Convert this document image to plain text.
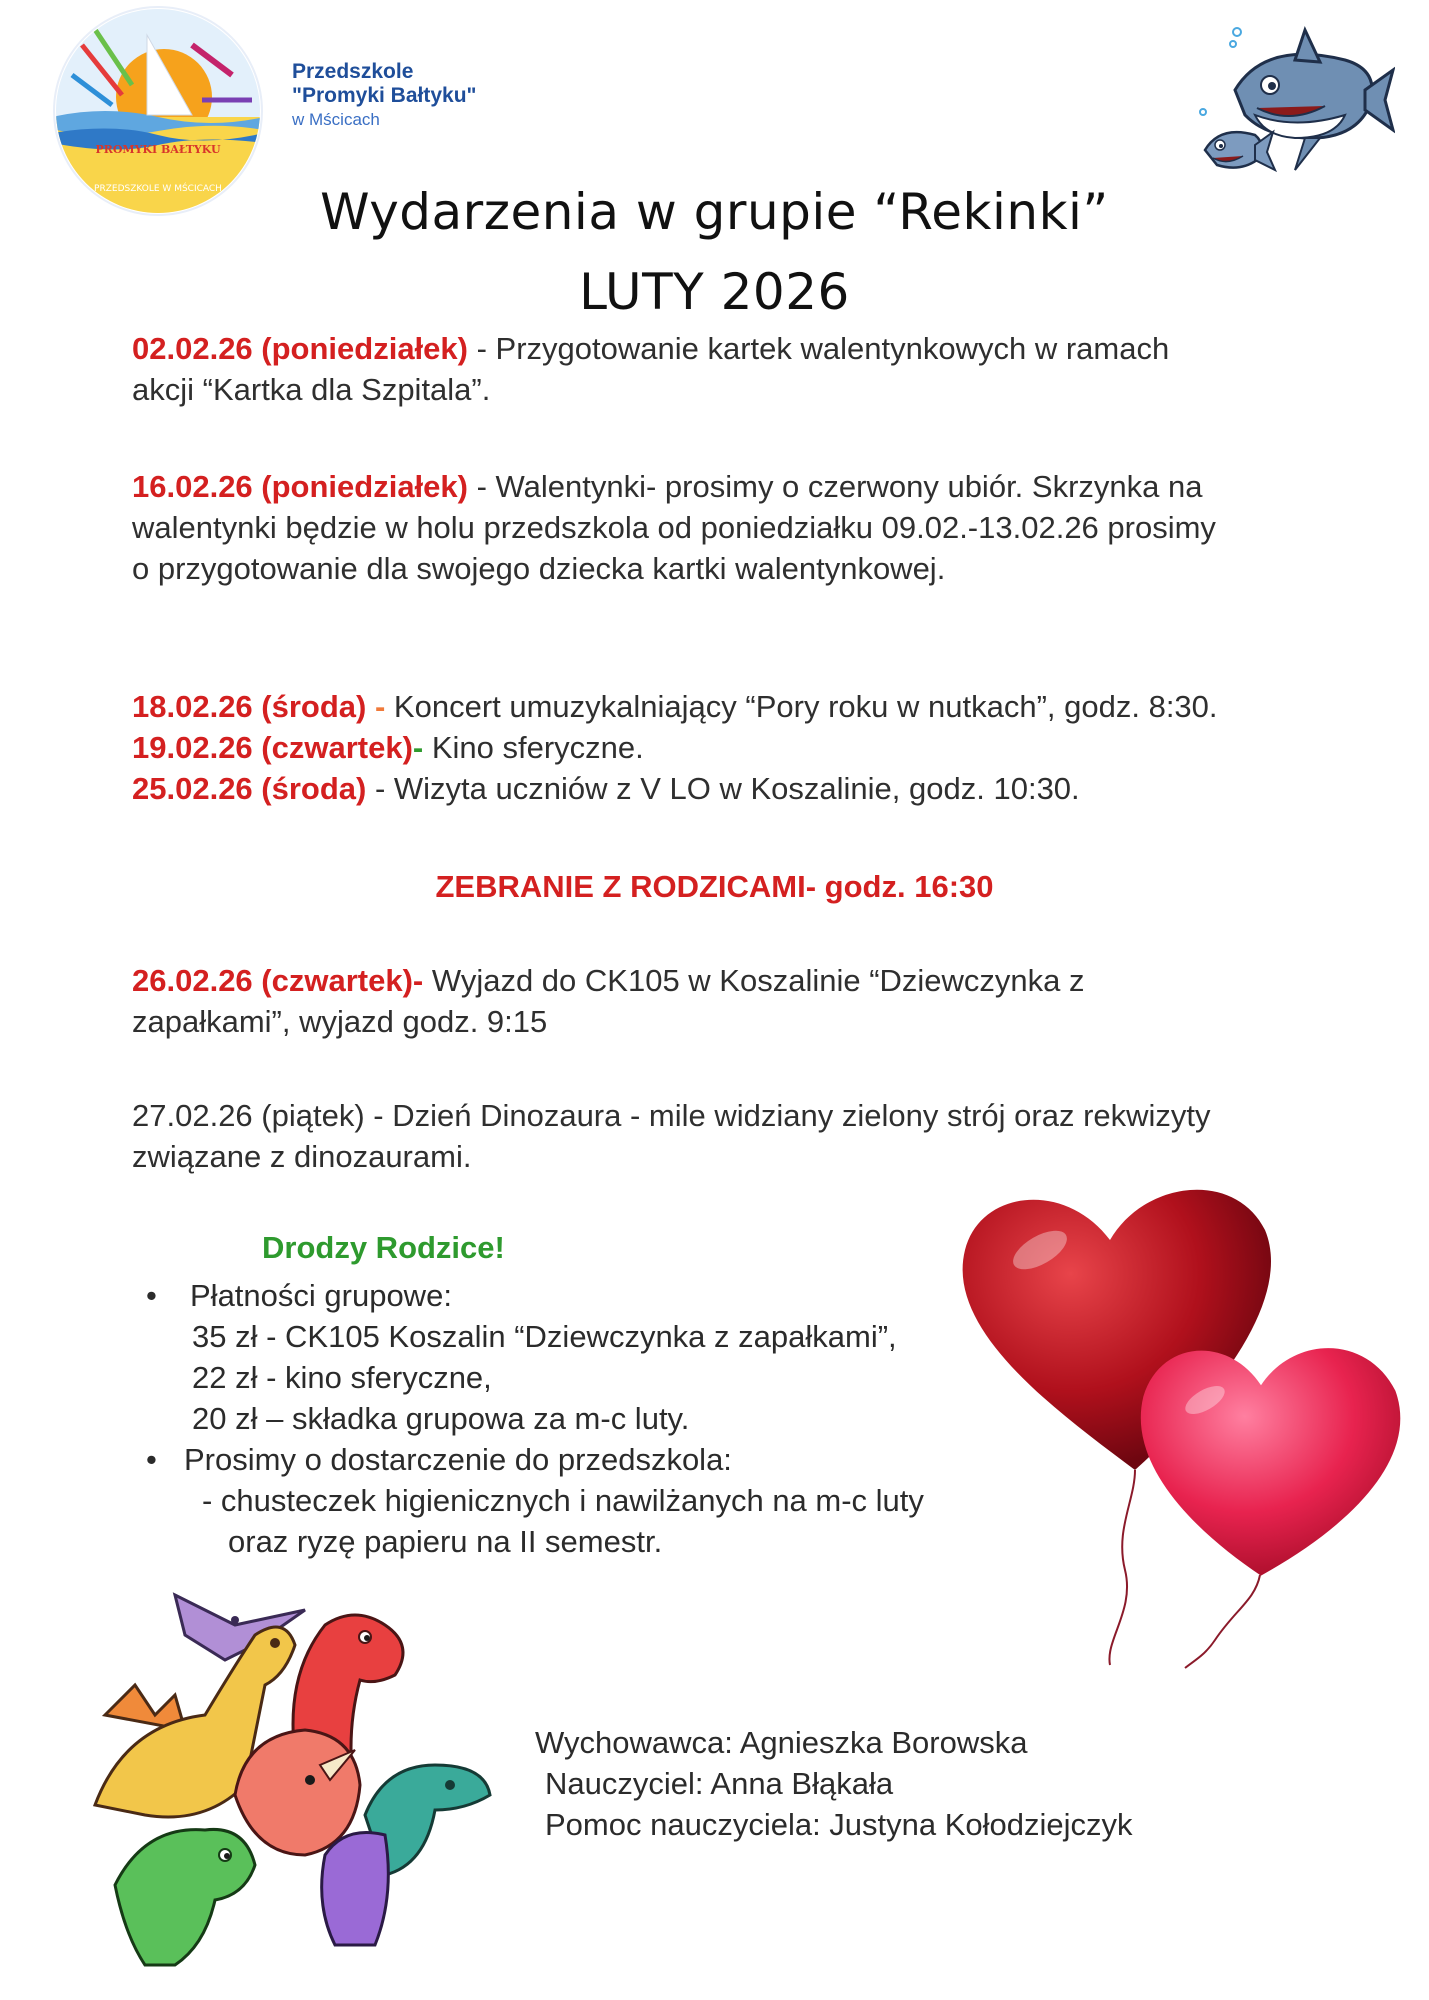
PROMYKI BAŁTYKU
PRZEDSZKOLE W MŚCICACH
Przedszkole
"Promyki Bałtyku"
w Mścicach
Wydarzenia w grupie “Rekinki”
LUTY 2026

02.02.26 (poniedziałek) - Przygotowanie kartek walentynkowych w ramach akcji “Kartka dla Szpitala”.

16.02.26 (poniedziałek) - Walentynki- prosimy o czerwony ubiór. Skrzynka na walentynki będzie w holu przedszkola od poniedziałku 09.02.-13.02.26 prosimy o przygotowanie dla swojego dziecka kartki walentynkowej.

18.02.26 (środa) - Koncert umuzykalniający “Pory roku w nutkach”, godz. 8:30.

19.02.26 (czwartek)- Kino sferyczne.

25.02.26 (środa) - Wizyta uczniów z V LO w Koszalinie, godz. 10:30.

ZEBRANIE Z RODZICAMI- godz. 16:30

26.02.26 (czwartek)- Wyjazd do CK105 w Koszalinie “Dziewczynka z zapałkami”, wyjazd godz. 9:15

27.02.26 (piątek) - Dzień Dinozaura - mile widziany zielony strój oraz rekwizyty związane z dinozaurami.

Drodzy Rodzice!
• Płatności grupowe:
35 zł - CK105 Koszalin “Dziewczynka z zapałkami”,
22 zł - kino sferyczne,
20 zł – składka grupowa za m-c luty.
• Prosimy o dostarczenie do przedszkola:
- chusteczek higienicznych i nawilżanych na m-c luty
oraz ryzę papieru na II semestr.
Wychowawca: Agnieszka Borowska
Nauczyciel: Anna Błąkała
Pomoc nauczyciela: Justyna Kołodziejczyk
